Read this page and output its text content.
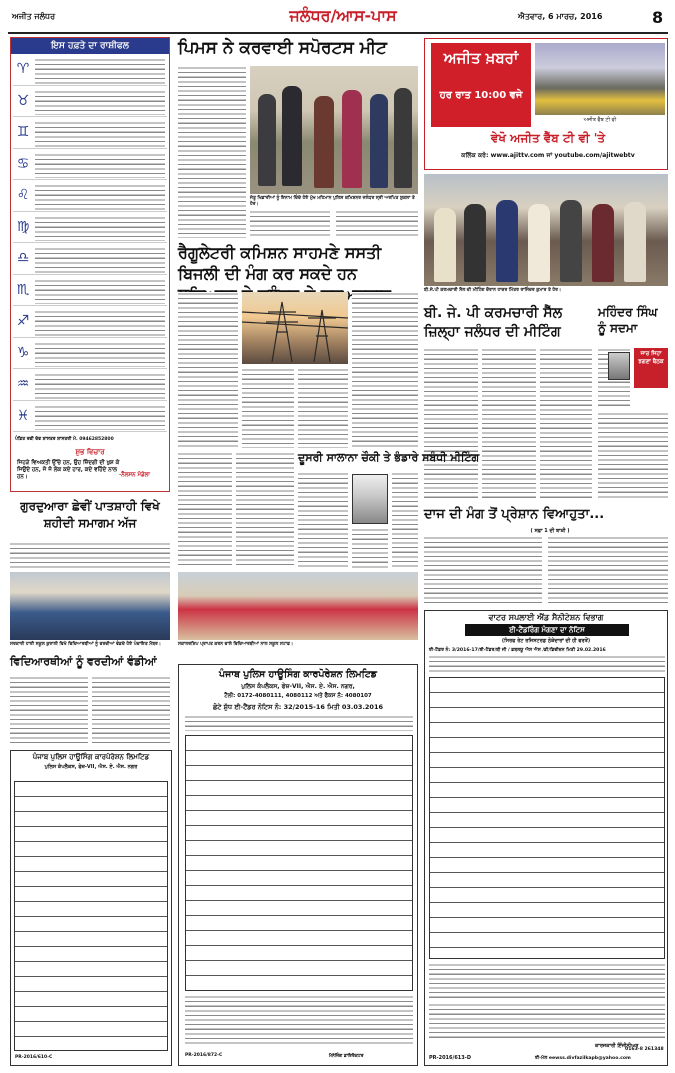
ਅਜੀਤ ਜਲੰਧਰ	ਜਲੰਧਰ/ਆਸ-ਪਾਸ	ਐਤਵਾਰ, 6 ਮਾਰਚ, 2016	8
ਇਸ ਹਫ਼ਤੇ ਦਾ ਰਾਸ਼ੀਫਲ
♈
♉
♊
♋
♌
♍
♎
♏
♐
♑
♒
♓
ਪੰਡਿਤ ਰਵੀ ਦੇਵ ਸ਼ਾਸਤਰ ਸ਼ਾਸਤਰੀ ਮੋ. 09462852800
ਸ਼ੁਭ ਵਿਚਾਰ
ਜਿਹੜੇ ਵਿਅਕਤੀ ਉੱਚੇ ਹਨ, ਉਹ ਜ਼ਿੰਦਗੀ ਦੀ ਖੁਸ਼ ਕੇ ਜਿਉਂਦੇ ਹਨ, ਜੋ ਜੋ ਲੋਕ ਕਦੇ ਹਾਰ, ਕਦੇ ਵਹਿੰਦੇ ਨਾਲ ਹਨ।	-ਨੈਲਸਨ ਮੰਡੇਲਾ
ਪਿਮਸ ਨੇ ਕਰਵਾਈ ਸਪੋਰਟਸ ਮੀਟ
ਜੇਤੂ ਖਿਡਾਰੀਆਂ ਨੂੰ ਇਨਾਮ ਦਿੰਦੇ ਹੋਏ ਮੁੱਖ ਮਹਿਮਾਨ ਪੁਲਿਸ ਕਮਿਸ਼ਨਰ ਜਲੰਧਰ ਸ੍ਰੀ ਅਰਪਿਤ ਸ਼ੁਕਲਾ ਤੇ ਹੋਰ।
ਅਜੀਤ ਖ਼ਬਰਾਂ
ਹਰ ਰਾਤ 10:00 ਵਜੇ
ਅਜੀਤ ਵੈੱਬ ਟੀ ਵੀ
ਵੇਖੋ ਅਜੀਤ ਵੈੱਬ ਟੀ ਵੀ 'ਤੇ
ਕਲਿੱਕ ਕਰੋ: www.ajittv.com ਜਾਂ youtube.com/ajitwebtv
ਬੀ.ਜੇ.ਪੀ ਕਰਮਚਾਰੀ ਸੈੱਲ ਦੀ ਮੀਟਿੰਗ ਦੌਰਾਨ ਹਾਜ਼ਰ ਮਿੱਤਰ ਰਾਜਿੰਦਰ ਕੁਮਾਰ ਤੇ ਹੋਰ।
ਰੈਗੂਲੇਟਰੀ ਕਮਿਸ਼ਨ ਸਾਹਮਣੇ ਸਸਤੀ ਬਿਜਲੀ ਦੀ ਮੰਗ ਕਰ ਸਕਦੇ ਹਨ
ਬੀ. ਜੇ. ਪੀ ਕਰਮਚਾਰੀ ਸੈੱਲ ਜ਼ਿਲ੍ਹਾ ਜਲੰਧਰ ਦੀ ਮੀਟਿੰਗ
ਮਹਿੰਦਰ ਸਿੰਘ ਨੂੰ ਸਦਮਾ
ਜਾਰ ਜਿਹਾ ਝਗਣਾ ਬੈਠਕ
ਦੂਸਰੀ ਸਾਲਾਨਾ ਚੌਕੀ ਤੇ ਭੰਡਾਰੇ ਸਬੰਧੀ ਮੀਟਿੰਗ
ਦਾਜ ਦੀ ਮੰਗ ਤੋਂ ਪ੍ਰੇਸ਼ਾਨ ਵਿਆਹੁਤਾ...
( ਸਫ਼ਾ 1 ਦੀ ਬਾਕੀ )
ਗੁਰਦੁਆਰਾ ਛੇਵੀਂ ਪਾਤਸ਼ਾਹੀ ਵਿਖੇ ਸ਼ਹੀਦੀ ਸਮਾਗਮ ਅੱਜ
ਸਰਕਾਰੀ ਹਾਈ ਸਕੂਲ ਕੁਰਾਲੀ ਵਿਖੇ ਵਿਦਿਆਰਥੀਆਂ ਨੂੰ ਵਰਦੀਆਂ ਵੰਡਦੇ ਹੋਏ ਪੰਚਾਇਤ ਮੈਂਬਰ।	ਸਕਾਲਰਸ਼ਿਪ ਪ੍ਰਾਪਤ ਕਰਨ ਵਾਲੇ ਵਿਦਿਆਰਥੀਆਂ ਨਾਲ ਸਕੂਲ ਸਟਾਫ਼।
ਵਿਦਿਆਰਥੀਆਂ ਨੂੰ ਵਰਦੀਆਂ ਵੰਡੀਆਂ
ਪੰਜਾਬ ਪੁਲਿਸ ਹਾਊਸਿੰਗ ਕਾਰਪੋਰੇਸ਼ਨ ਲਿਮਟਿਡ
ਪੁਲਿਸ ਕੰਪਲੈਕਸ, ਫੇਜ਼-VII, ਐਸ. ਏ. ਐਸ. ਨਗਰ
PR-2016/610-C
ਪੰਜਾਬ ਪੁਲਿਸ ਹਾਊਸਿੰਗ ਕਾਰਪੋਰੇਸ਼ਨ ਲਿਮਟਿਡ
ਪੁਲਿਸ ਕੰਪਲੈਕਸ, ਫੇਜ਼-VII, ਐਸ. ਏ. ਐਸ. ਨਗਰ,
ਟੈਲੀ: 0172-4080111, 4080112 ਅਤੇ ਫੈਕਸ ਨੰ: 4080107
ਛੋਟੇ ਸ਼ੁੱਧ ਈ-ਟੈਂਡਰ ਨੋਟਿਸ ਨੰ: 32/2015-16 ਮਿਤੀ 03.03.2016
PR-2016/872-C	ਮੈਨੇਜਿੰਗ ਡਾਇਰੈਕਟਰ
ਵਾਟਰ ਸਪਲਾਈ ਐਂਡ ਸੈਨੀਟੇਸ਼ਨ ਵਿਭਾਗ
ਈ-ਟੈਂਡਰਿੰਗ ਮੰਗਣਾ ਦਾ ਨੋਟਿਸ
(ਸਿਰਫ ਰੇਟ ਰਜਿਸਟਰਡ ਠੇਕੇਦਾਰਾਂ ਦੀ ਹੀ ਵਰਤੋਂ)
ਈ-ਟੈਂਡਰ ਨੰ: 3/2016-17/ਈ-ਟੈਂਡਰ/ਬੀ ਜੀ / ਡਬਲਯੂ ਐਸ ਐਸ /ਡੀ/ਡਿਵੀਜ਼ਨ ਮਿਤੀ 29.02.2016
ਕਾਰਜਕਾਰੀ ਇੰਜੀਨੀਅਰ
PR-2016/613-D	ਈ-ਮੇਲ eewss.divfazilkapb@yahoo.com
0163-8 261348
